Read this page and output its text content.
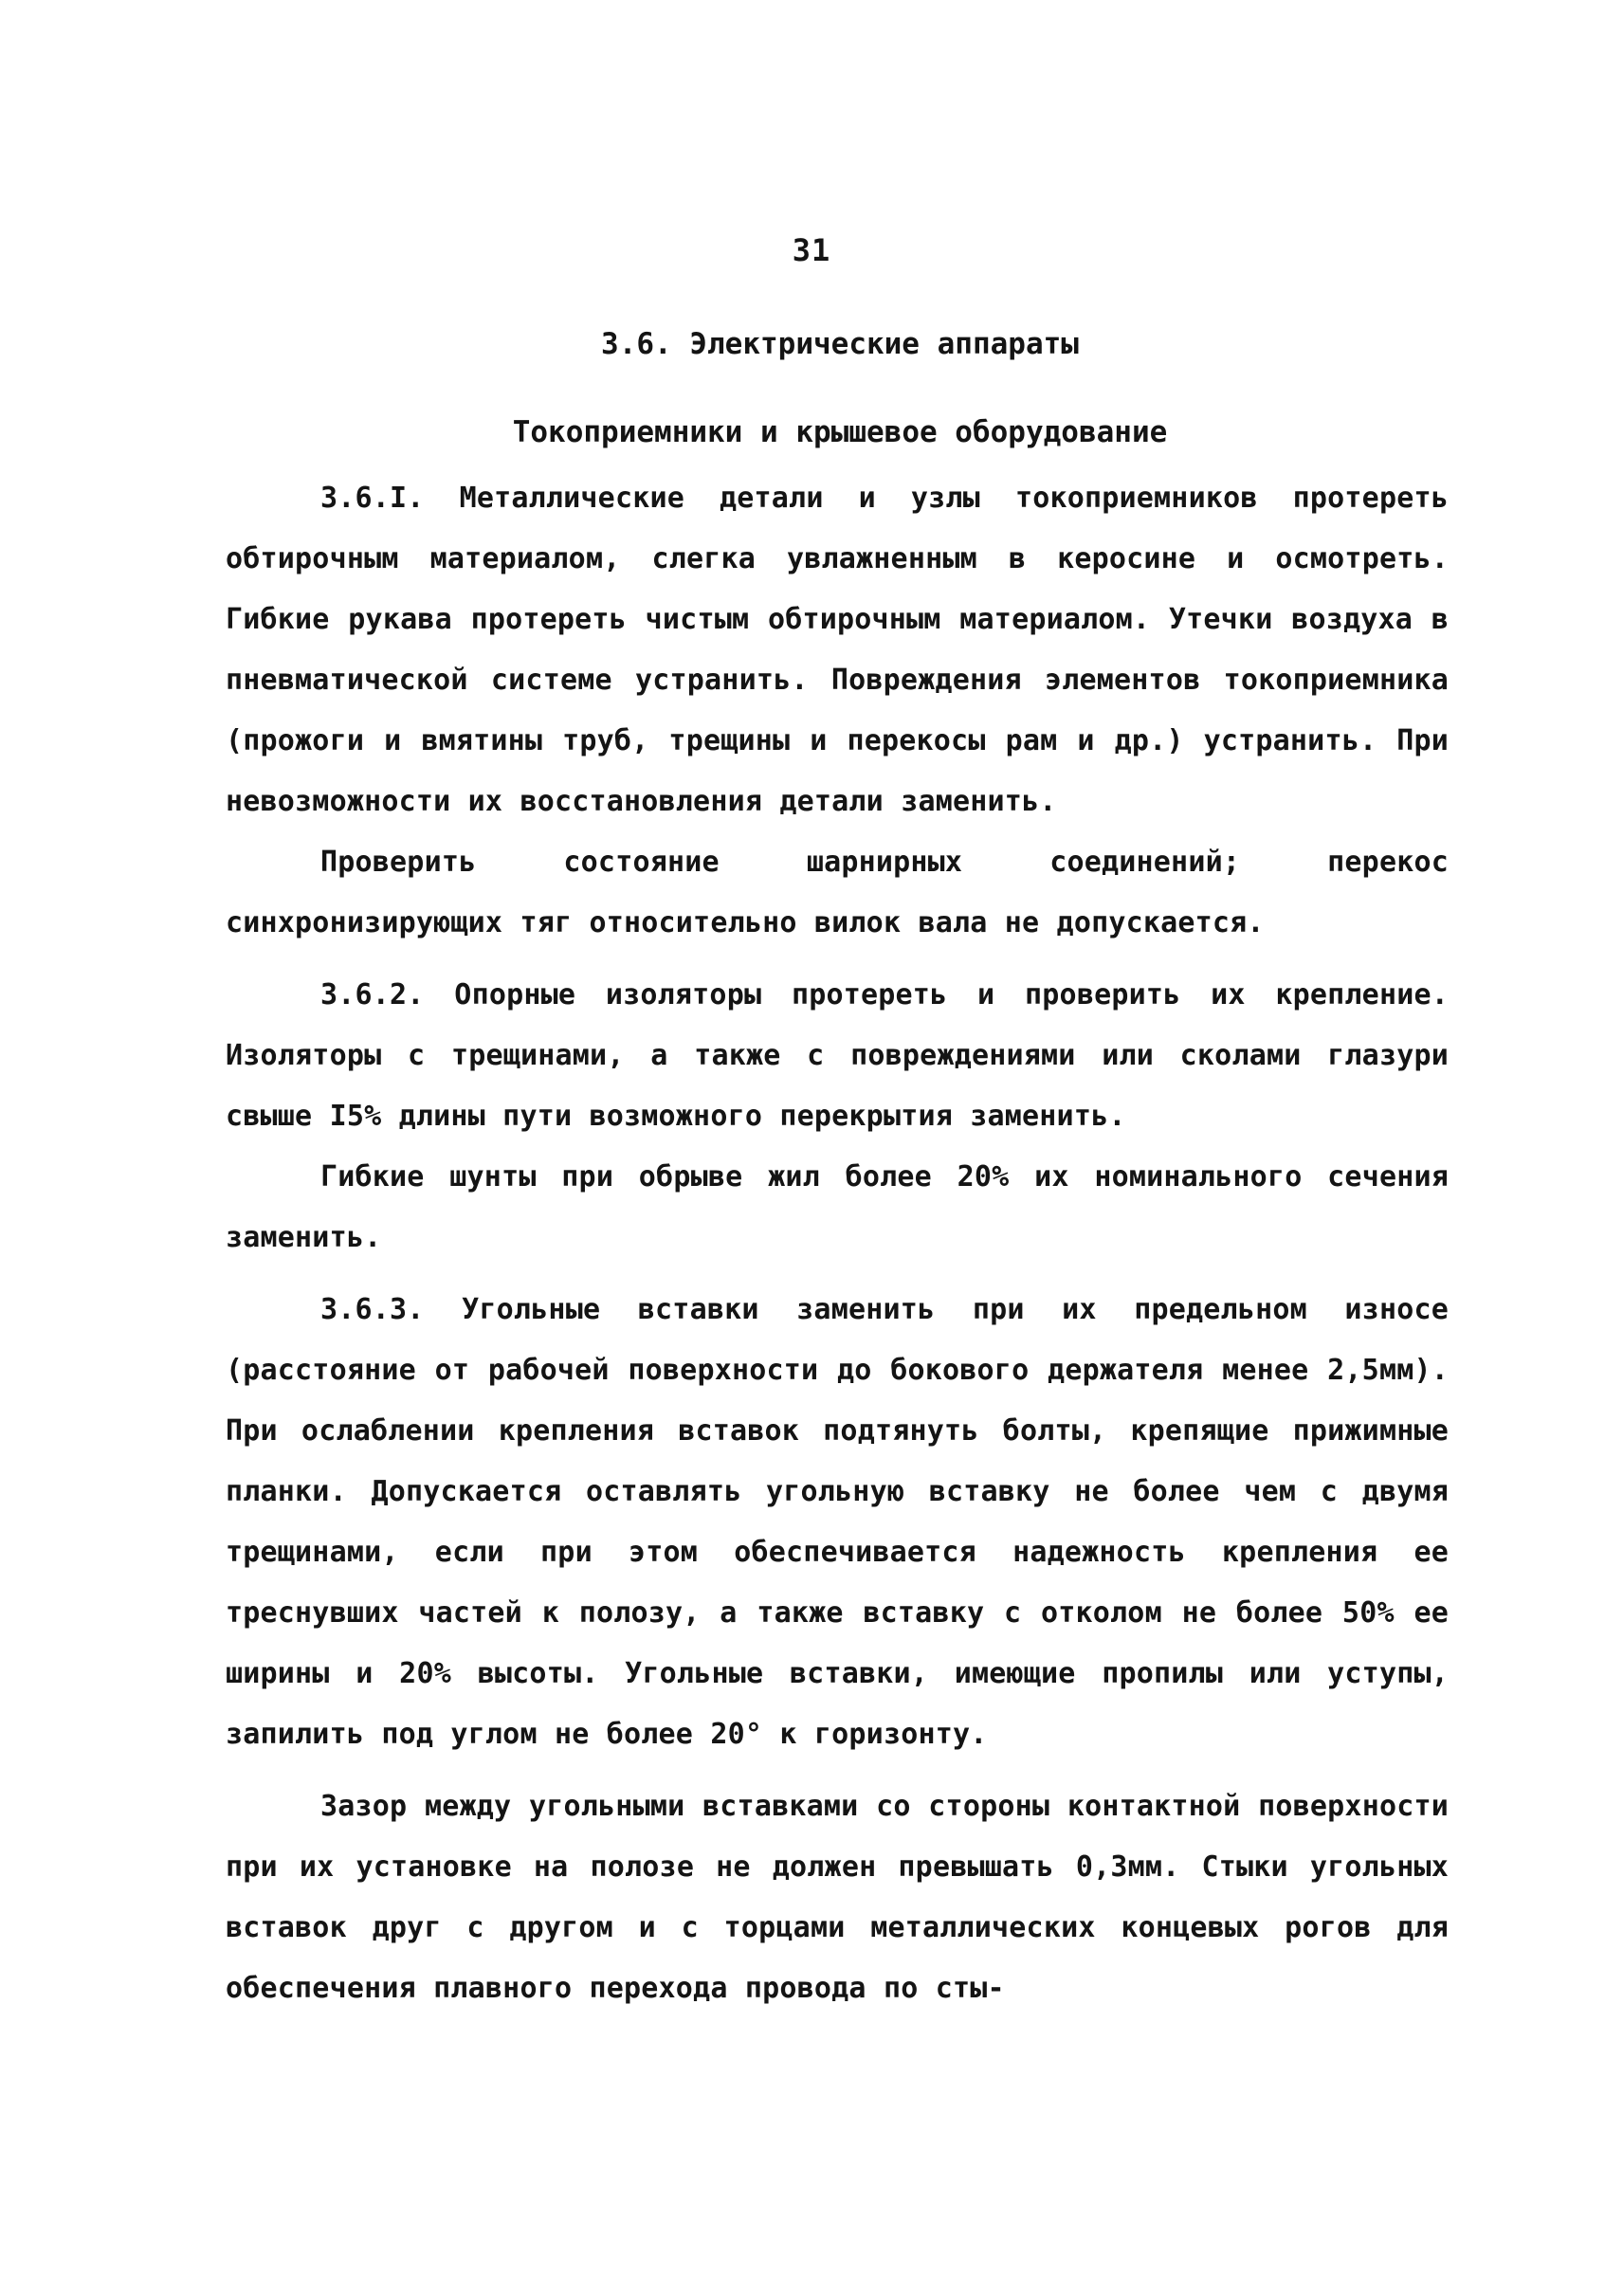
31
3.6. Электрические аппараты
Токоприемники и крышевое оборудование

3.6.I. Металлические детали и узлы токоприемников протереть обтирочным материалом, слегка увлажненным в керосине и осмотреть. Гибкие рукава протереть чистым обтирочным материалом. Утечки воздуха в пневматической системе устранить. Повреждения элементов токоприемника (прожоги и вмятины труб, трещины и перекосы рам и др.) устранить. При невозможности их восстановления детали заменить.

Проверить состояние шарнирных соединений; перекос синхронизирующих тяг относительно вилок вала не допускается.

3.6.2. Опорные изоляторы протереть и проверить их крепление. Изоляторы с трещинами, а также с повреждениями или сколами глазури свыше I5% длины пути возможного перекрытия заменить.

Гибкие шунты при обрыве жил более 20% их номинального сечения заменить.

3.6.3. Угольные вставки заменить при их предельном износе (расстояние от рабочей поверхности до бокового держателя менее 2,5мм). При ослаблении крепления вставок подтянуть болты, крепящие прижимные планки. Допускается оставлять угольную вставку не более чем с двумя трещинами, если при этом обеспечивается надежность крепления ее треснувших частей к полозу, а также вставку с отколом не более 50% ее ширины и 20% высоты. Угольные вставки, имеющие пропилы или уступы, запилить под углом не более 20° к горизонту.

Зазор между угольными вставками со стороны контактной поверхности при их установке на полозе не должен превышать 0,3мм. Стыки угольных вставок друг с другом и с торцами металлических концевых рогов для обеспечения плавного перехода провода по сты-
